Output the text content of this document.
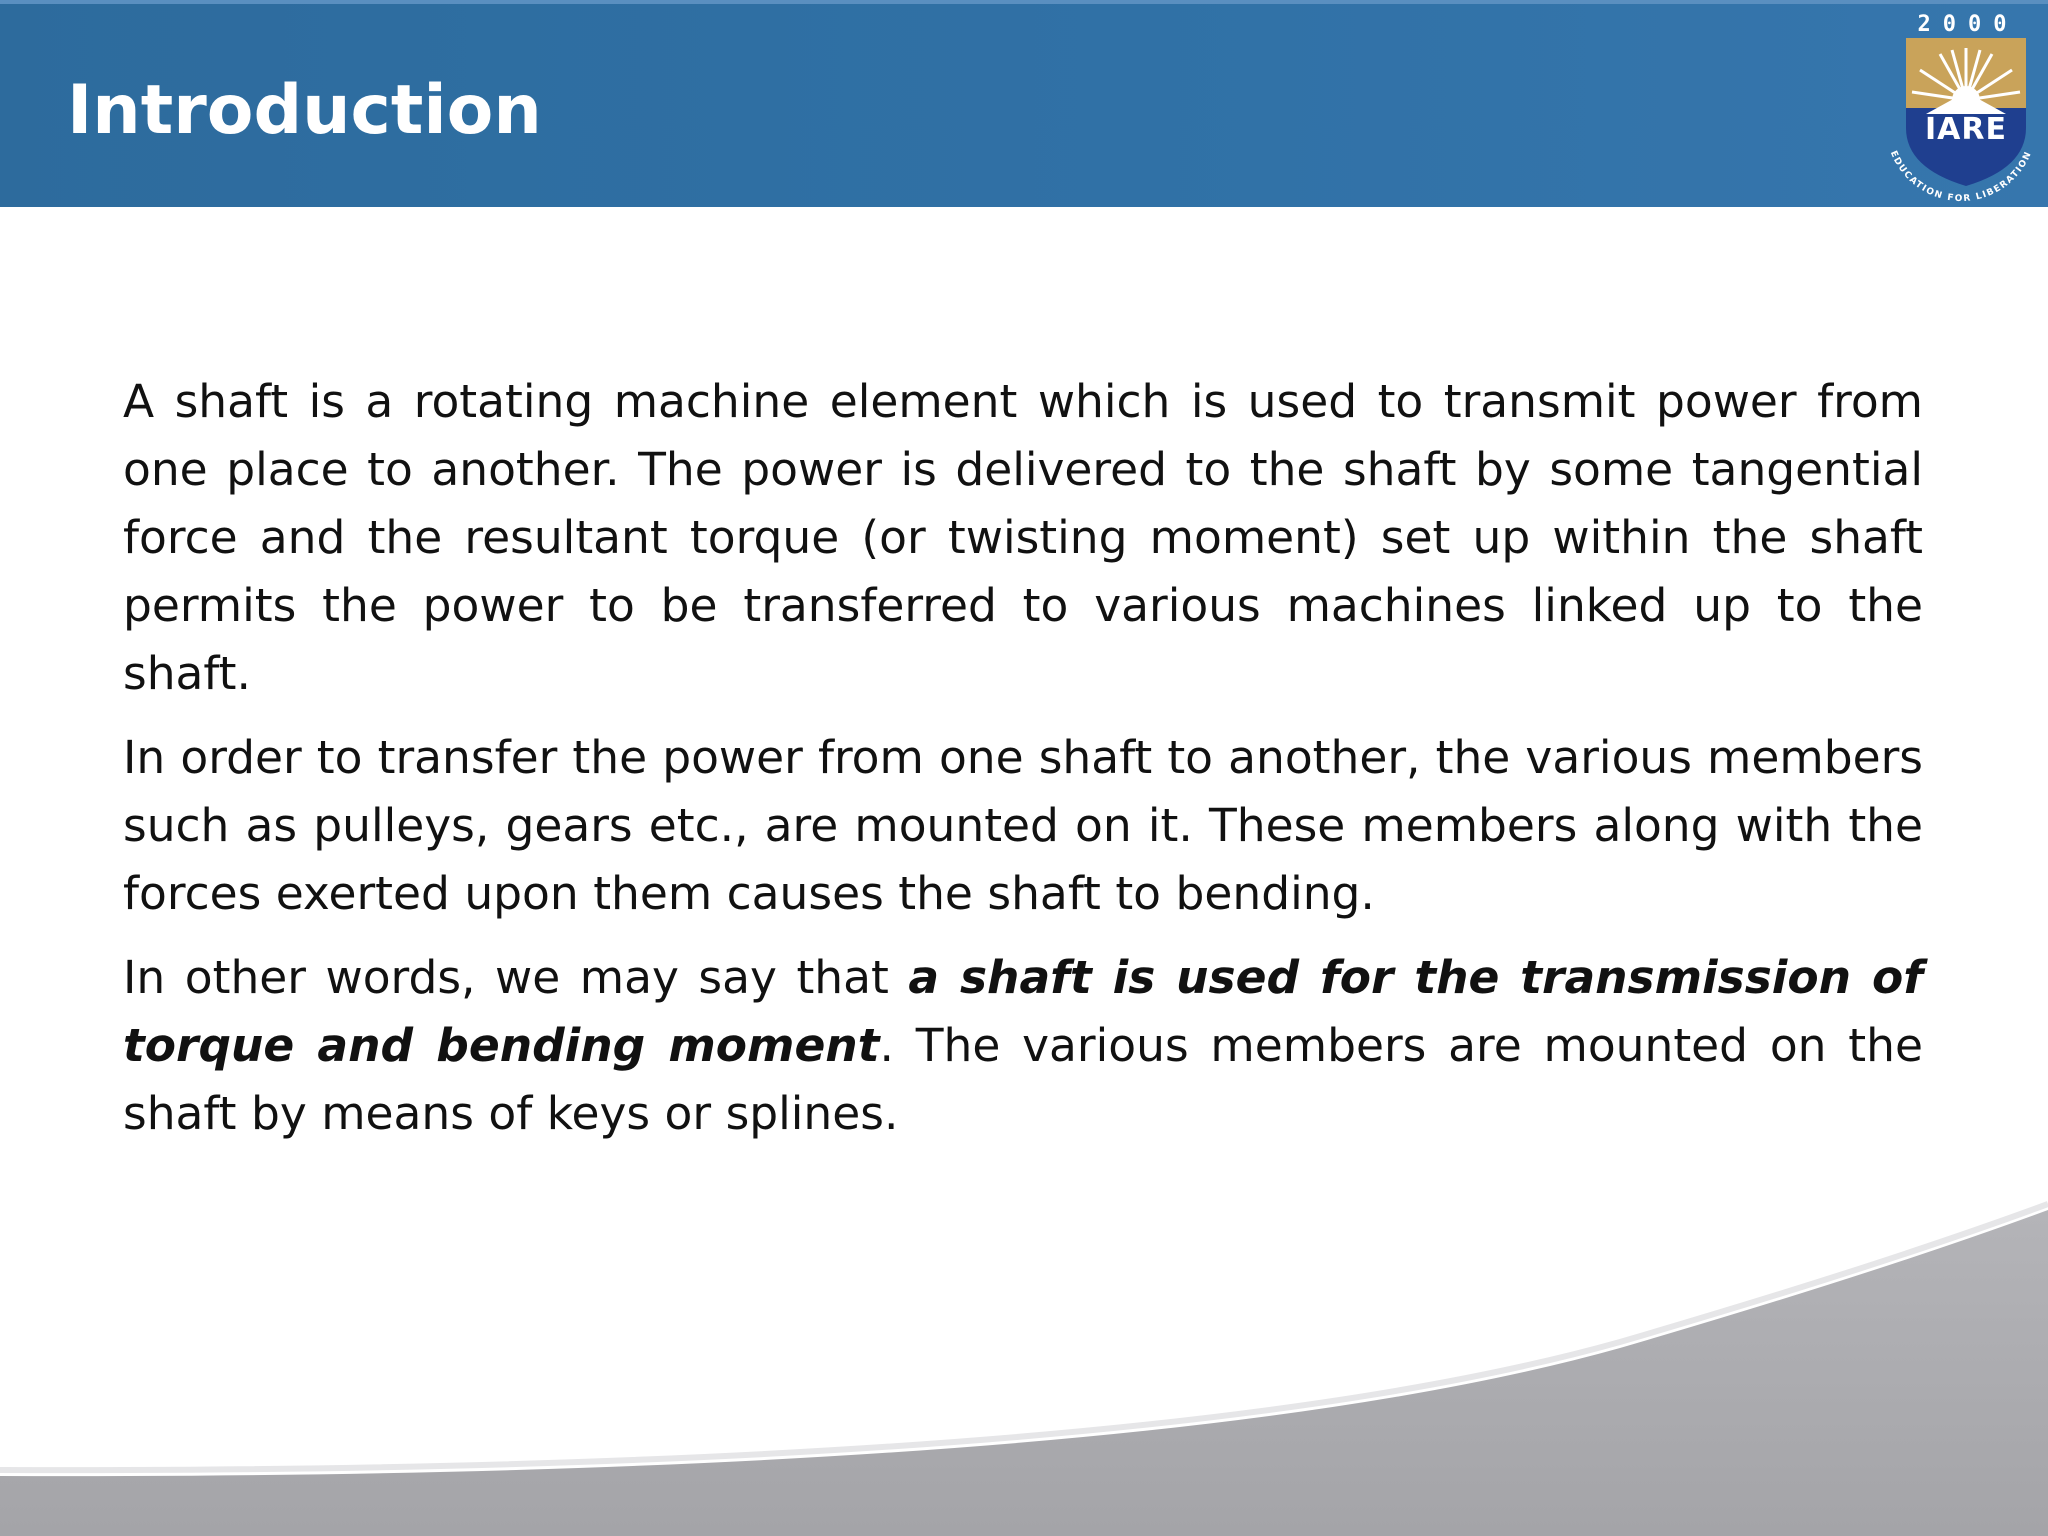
Introduction
EDUCATION FOR LIBERATION
2000
IARE

A shaft is a rotating machine element which is used to transmit power from one place to another. The power is delivered to the shaft by some tangential force and the resultant torque (or twisting moment) set up within the shaft permits the power to be transferred to various machines linked up to the shaft.

In order to transfer the power from one shaft to another, the various members such as pulleys, gears etc., are mounted on it. These members along with the forces exerted upon them causes the shaft to bending.

In other words, we may say that a shaft is used for the transmission of torque and bending moment. The various members are mounted on the shaft by means of keys or splines.
